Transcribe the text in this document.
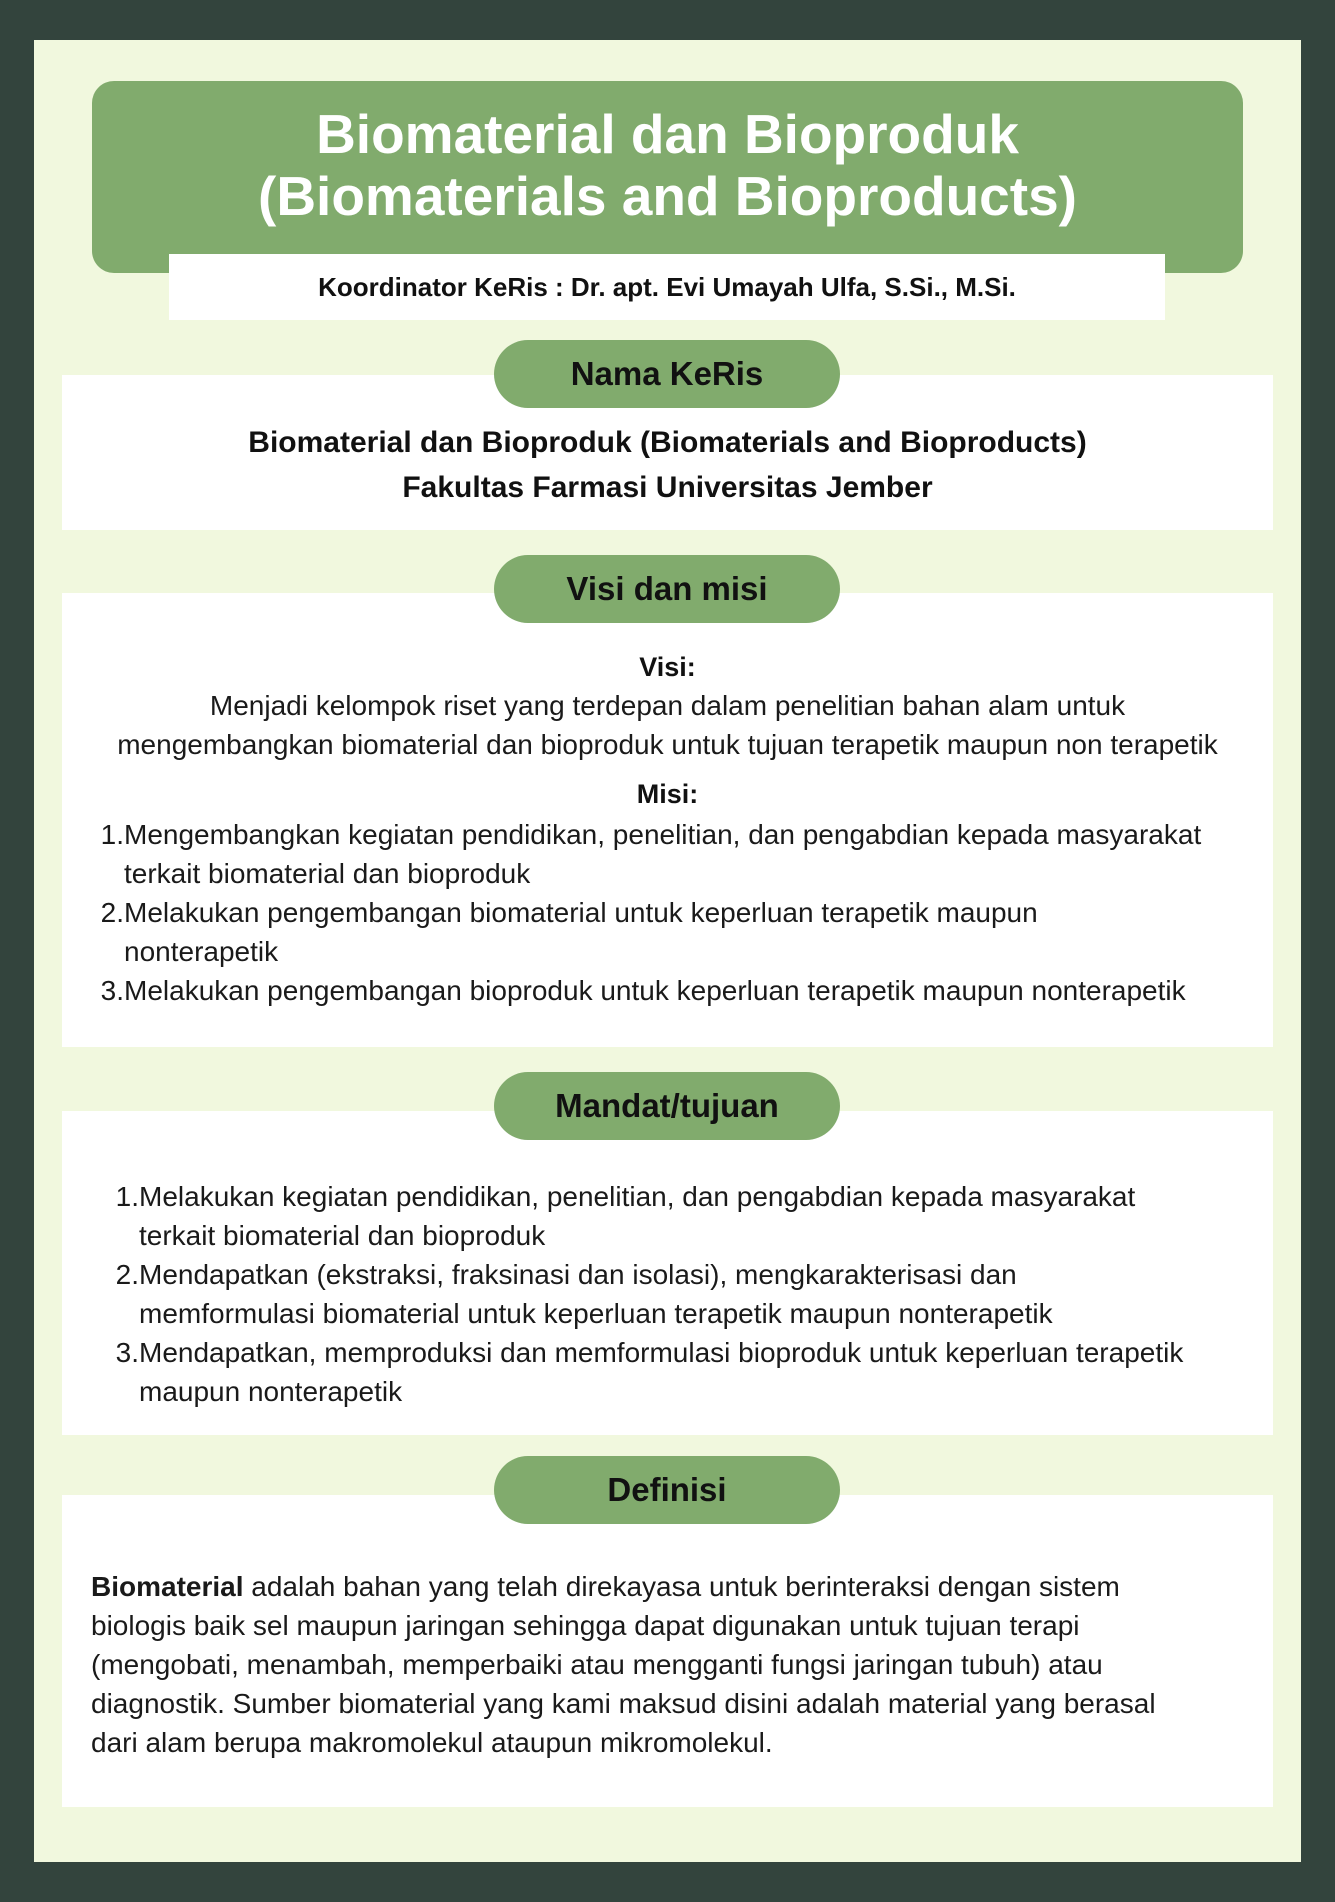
Biomaterial dan Bioproduk
(Biomaterials and Bioproducts)
Koordinator KeRis : Dr. apt. Evi Umayah Ulfa, S.Si., M.Si.
Biomaterial dan Bioproduk (Biomaterials and Bioproducts)
Fakultas Farmasi Universitas Jember
Nama KeRis
Visi:
Menjadi kelompok riset yang terdepan dalam penelitian bahan alam untuk
mengembangkan biomaterial dan bioproduk untuk tujuan terapetik maupun non terapetik
Misi:
1. Mengembangkan kegiatan pendidikan, penelitian, dan pengabdian kepada masyarakat
terkait biomaterial dan bioproduk
2. Melakukan pengembangan biomaterial untuk keperluan terapetik maupun
nonterapetik
3. Melakukan pengembangan bioproduk untuk keperluan terapetik maupun nonterapetik
Visi dan misi
1. Melakukan kegiatan pendidikan, penelitian, dan pengabdian kepada masyarakat
terkait biomaterial dan bioproduk
2. Mendapatkan (ekstraksi, fraksinasi dan isolasi), mengkarakterisasi dan
memformulasi biomaterial untuk keperluan terapetik maupun nonterapetik
3. Mendapatkan, memproduksi dan memformulasi bioproduk untuk keperluan terapetik
maupun nonterapetik
Mandat/tujuan
Biomaterial adalah bahan yang telah direkayasa untuk berinteraksi dengan sistem
biologis baik sel maupun jaringan sehingga dapat digunakan untuk tujuan terapi
(mengobati, menambah, memperbaiki atau mengganti fungsi jaringan tubuh) atau
diagnostik. Sumber biomaterial yang kami maksud disini adalah material yang berasal
dari alam berupa makromolekul ataupun mikromolekul.
Definisi
